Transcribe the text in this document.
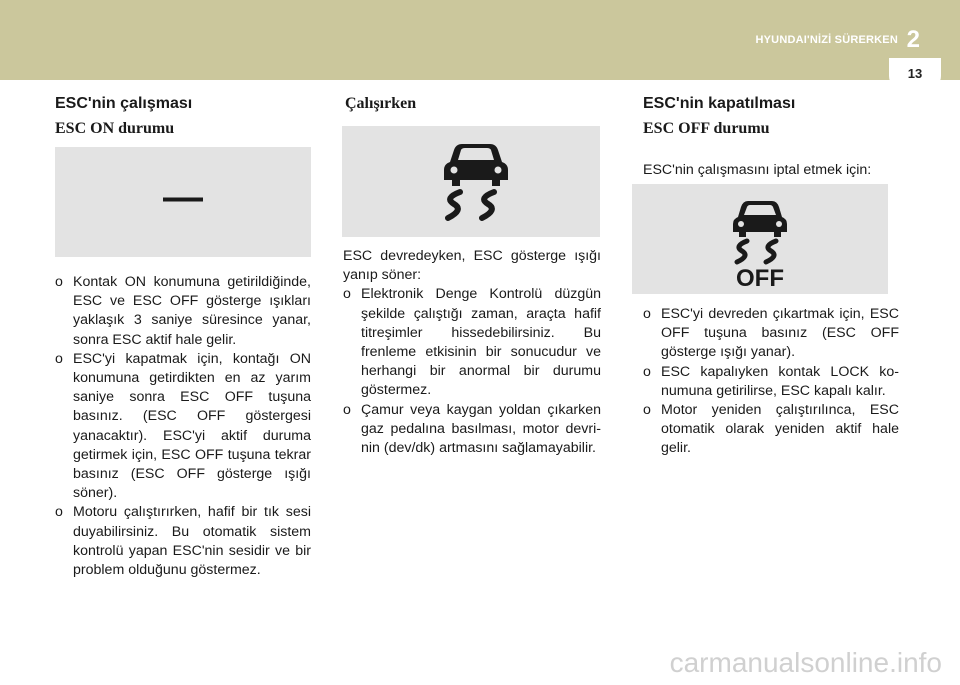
HYUNDAI'NİZİ SÜRERKEN 2
13
ESC'nin çalışması
ESC ON durumu
—
o Kontak ON konumuna getirildiğinde, ESC ve ESC OFF gösterge ışıkları yaklaşık 3 saniye süresince yanar, sonra ESC aktif hale gelir.
o ESC'yi kapatmak için, kontağı ON konumuna getirdikten en az yarım saniye sonra ESC OFF tuşuna basınız. (ESC OFF göstergesi yanacaktır). ESC'yi aktif duruma getirmek için, ESC OFF tuşuna tekrar basınız (ESC OFF gösterge ışığı söner).
o Motoru çalıştırırken, hafif bir tık sesi duyabilirsiniz. Bu otomatik sistem kontrolü yapan ESC'nin sesidir ve bir problem olduğunu göstermez.
Çalışırken
ESC devredeyken, ESC gösterge ışığı yanıp söner:
o Elektronik Denge Kontrolü düzgün şekilde çalıştığı zaman, araçta hafif titreşimler hissedebilirsiniz. Bu frenleme etkisinin bir sonucudur ve herhangi bir anormal bir durumu göstermez.
o Çamur veya kaygan yoldan çıkarken gaz pedalına basılması, motor devri-nin (dev/dk) artmasını sağlamayabilir.
ESC'nin kapatılması
ESC OFF durumu
ESC'nin çalışmasını iptal etmek için:
OFF
o ESC'yi devreden çıkartmak için, ESC OFF tuşuna basınız (ESC OFF gösterge ışığı yanar).
o ESC kapalıyken kontak LOCK ko-numuna getirilirse, ESC kapalı kalır.
o Motor yeniden çalıştırılınca, ESC otomatik olarak yeniden aktif hale gelir.
carmanualsonline.info
